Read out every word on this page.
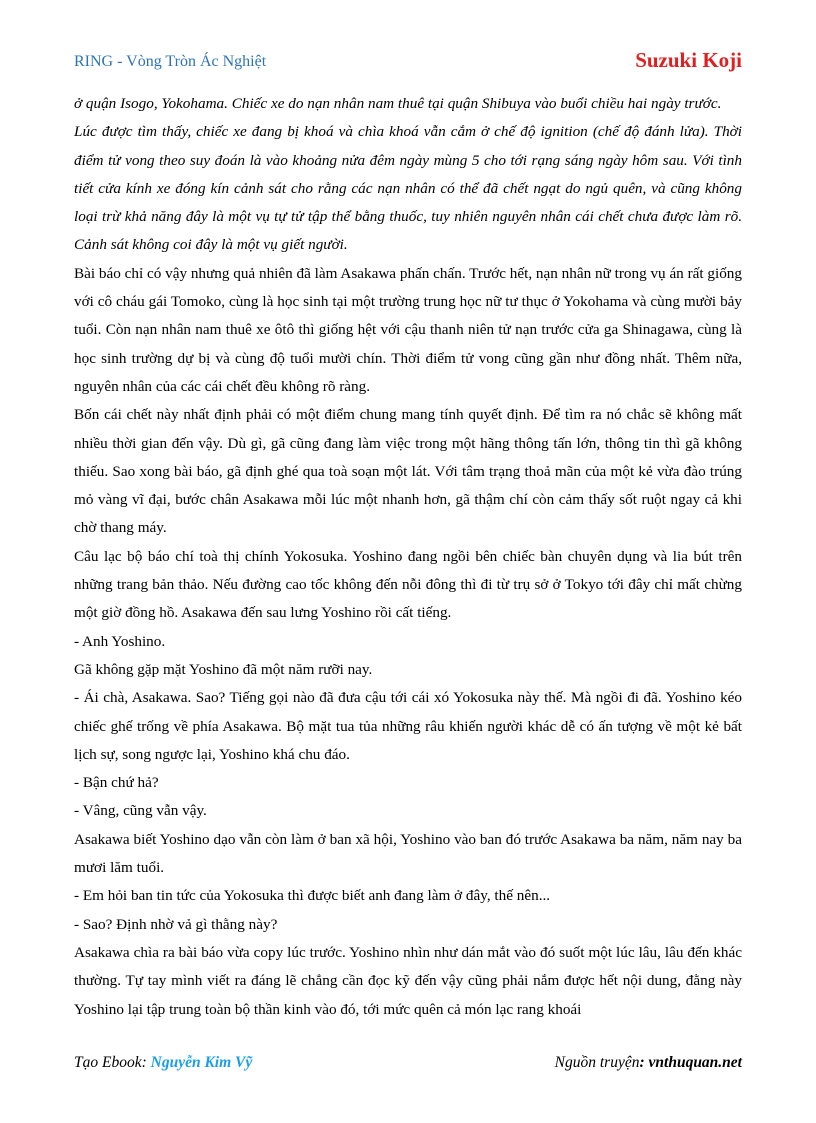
RING - Vòng Tròn Ác Nghiệt	Suzuki Koji

ở quận Isogo, Yokohama. Chiếc xe do nạn nhân nam thuê tại quận Shibuya vào buổi chiều hai ngày trước.

Lúc được tìm thấy, chiếc xe đang bị khoá và chìa khoá vẫn cắm ở chế độ ignition (chế độ đánh lửa). Thời điểm tử vong theo suy đoán là vào khoảng nửa đêm ngày mùng 5 cho tới rạng sáng ngày hôm sau. Với tình tiết cửa kính xe đóng kín cảnh sát cho rằng các nạn nhân có thể đã chết ngạt do ngủ quên, và cũng không loại trừ khả năng đây là một vụ tự tử tập thể bằng thuốc, tuy nhiên nguyên nhân cái chết chưa được làm rõ. Cảnh sát không coi đây là một vụ giết người.

Bài báo chỉ có vậy nhưng quả nhiên đã làm Asakawa phấn chấn. Trước hết, nạn nhân nữ trong vụ án rất giống với cô cháu gái Tomoko, cùng là học sinh tại một trường trung học nữ tư thục ở Yokohama và cùng mười bảy tuổi. Còn nạn nhân nam thuê xe ôtô thì giống hệt với cậu thanh niên tử nạn trước cửa ga Shinagawa, cùng là học sinh trường dự bị và cùng độ tuổi mười chín. Thời điểm tử vong cũng gần như đồng nhất. Thêm nữa, nguyên nhân của các cái chết đều không rõ ràng.

Bốn cái chết này nhất định phải có một điểm chung mang tính quyết định. Để tìm ra nó chắc sẽ không mất nhiều thời gian đến vậy. Dù gì, gã cũng đang làm việc trong một hãng thông tấn lớn, thông tin thì gã không thiếu. Sao xong bài báo, gã định ghé qua toà soạn một lát. Với tâm trạng thoả mãn của một kẻ vừa đào trúng mỏ vàng vĩ đại, bước chân Asakawa mỗi lúc một nhanh hơn, gã thậm chí còn cảm thấy sốt ruột ngay cả khi chờ thang máy.

Câu lạc bộ báo chí toà thị chính Yokosuka. Yoshino đang ngồi bên chiếc bàn chuyên dụng và lia bút trên những trang bản thảo. Nếu đường cao tốc không đến nỗi đông thì đi từ trụ sở ở Tokyo tới đây chỉ mất chừng một giờ đồng hồ. Asakawa đến sau lưng Yoshino rồi cất tiếng.

- Anh Yoshino.

Gã không gặp mặt Yoshino đã một năm rưỡi nay.

- Ái chà, Asakawa. Sao? Tiếng gọi nào đã đưa cậu tới cái xó Yokosuka này thế. Mà ngồi đi đã. Yoshino kéo chiếc ghế trống về phía Asakawa. Bộ mặt tua tủa những râu khiến người khác dễ có ấn tượng về một kẻ bất lịch sự, song ngược lại, Yoshino khá chu đáo.

- Bận chứ hả?

- Vâng, cũng vẫn vậy.

Asakawa biết Yoshino dạo vẫn còn làm ở ban xã hội, Yoshino vào ban đó trước Asakawa ba năm, năm nay ba mươi lăm tuổi.

- Em hỏi ban tin tức của Yokosuka thì được biết anh đang làm ở đây, thế nên...

- Sao? Định nhờ vả gì thằng này?

Asakawa chìa ra bài báo vừa copy lúc trước. Yoshino nhìn như dán mắt vào đó suốt một lúc lâu, lâu đến khác thường. Tự tay mình viết ra đáng lẽ chẳng cần đọc kỹ đến vậy cũng phải nắm được hết nội dung, đằng này Yoshino lại tập trung toàn bộ thần kinh vào đó, tới mức quên cả món lạc rang khoái

Tạo Ebook: Nguyễn Kim Vỹ	Nguồn truyện: vnthuquan.net
